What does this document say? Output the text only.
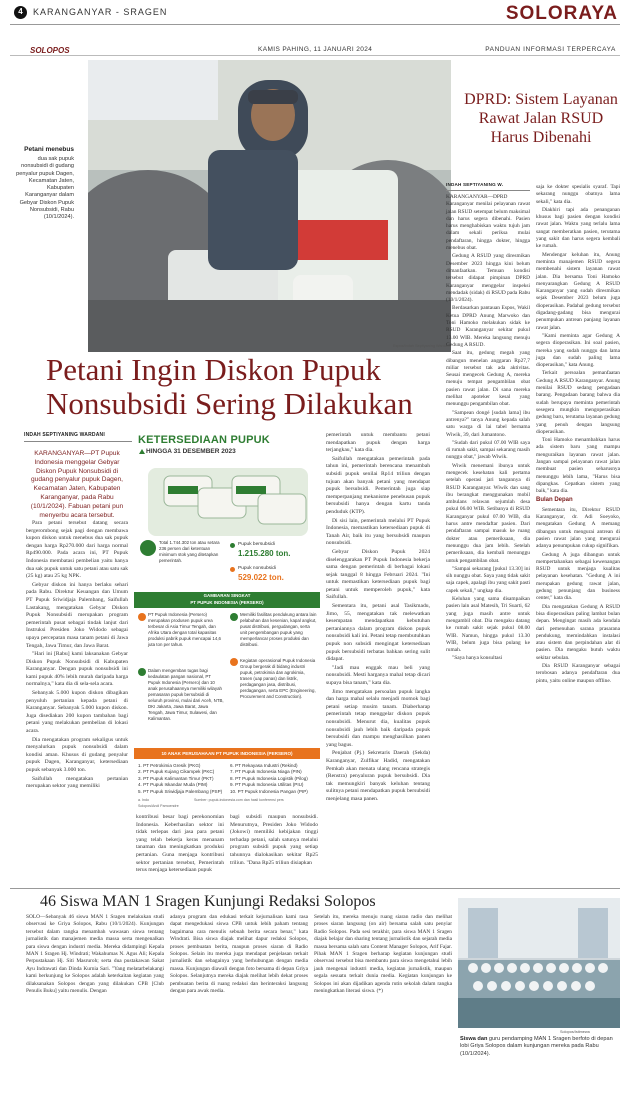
4	KARANGANYAR - SRAGEN	SOLORAYA
SOLOPOS	KAMIS PAHING, 11 JANUARI 2024	PANDUAN INFORMASI TERPERCAYA
Petani menebus
dua sak pupuk nonsubsidi di gudang penyalur pupuk Dagen, Kecamatan Jaten, Kabupaten Karanganyar dalam Gebyar Diskon Pupuk Nonsubsidi, Rabu (10/1/2024).
Espos/Indah Septiyaning Wardani
Petani Ingin Diskon Pupuk
Nonsubsidi Sering Dilakukan
INDAH SEPTIYANING WARDANI
KARANGANYAR—PT Pupuk Indonesia menggelar Gebyar Diskon Pupuk Nonsubsidi di gudang penyalur pupuk Dagen, Kecamatan Jaten, Kabupaten Karanganyar, pada Rabu (10/1/2024). Fabuan petani pun menyerbu acara tersebut.

Para petani tersebut datang secara bergerombong sejak pagi dengan membawa kupon diskon untuk menebus dua sak pupuk dengan harga Rp270.000 dari harga normal Rp490.000. Pada acara ini, PT Pupuk Indonesia membatasi pembelian yaitu hanya dua sak pupuk untuk satu petani atau satu sak (25 kg) atau 25 kg NPK.

Gebyar diskon ini hanya berlaku sehari pada Rabu. Direktur Keuangan dan Umum PT Pupuk Sriwidjaja Palembang, Saifullah Lastakang, mengatakan Gebyar Diskon Pupuk Nonsubsidi merupakan program pemerintah pusat sebagai tindak lanjut dari Instruksi Presiden Joko Widodo sebagai upaya percepatan masa tanam petani di Jawa Tengah, Jawa Timur, dan Jawa Barat.

"Hari ini [Rabu] kami laksanakan Gebyar Diskon Pupuk Nonsubsidi di Kabupaten Karanganyar. Dengan pupuk nonsubsidi ini kami pupuk 40% lebih murah daripada harga normalnya," kata dia di sela-sela acara.

Sebanyak 5.000 kupon diskon dibagikan penyuluh pertanian kepada petani di Karanganyar. Sebanyak 5.000 kupon diskon. Juga disediakan 200 kupon tambahan bagi petani yang melakukan pembelian di lokasi acara.

Dia mengatakan program sekaligus untuk menyalurkan pupuk nonsubsidi dalam kondisi aman. Khusus di gudang penyalur pupuk Dagen, Karanganyar, ketersediaan pupuk sebanyak 3.000 ton.

Saifullah mengatakan pertanian merupakan sektor yang memiliki

KETERSEDIAAN PUPUK
HINGGA 31 DESEMBER 2023
Total 1.744.302 ton atau setara 236 persen dari ketentuan minimum stok yang ditetapkan pemerintah.
Pupuk bersubsidi
1.215.280 ton.
Pupuk nonsubsidi
529.022 ton.
GAMBARAN SINGKAT
PT PUPUK INDONESIA (PERSERO)
PT Pupuk Indonesia (Persero) merupakan produsen pupuk urea terbesar di Asia Timur Tengah, dan Afrika Utara dengan total kapasitas produksi pabrik pupuk mencapai 14,6 juta ton per tahun.
Memiliki fasilitas pendukung antara lain pelabuhan dan kesenian, kapal angkut, pusat distribusi, pergudangan, serta unit pengembangan pupuk yang memperlancar proses produksi dan distribusi.
Dalam mengemban tugas bagi kedaulatan pangan nasional, PT Pupuk Indonesia (Persero) dan 10 anak perusahaannya memiliki wilayah pemasaran pupuk bersubsidi di seluruh provinsi, mulai dari Aceh, NTB, DKI Jakarta, Jawa Barat, Jawa Tengah, Jawa Timur, Sulawesi, dan Kalimantan.
Kegiatan operasional Pupuk Indonesia Group bergerak di bidang industri pupuk, petrokimia dan agrokimia, trasen (uap panas) dan listrik, perdagangan jasa, distribusi, perdagangan, serta EPC (Engineering, Procurement and Construction).
10 ANAK PERUSAHAAN PT PUPUK INDONESIA (PERSERO)
1. PT Petrokimia Gresik (PKG)
2. PT Pupuk Kujang Cikampek (PKC)
3. PT Pupuk Kalimantan Timur (PKT)
4. PT Pupuk Iskandar Muda (PIM)
5. PT Pupuk Sriwidjaja Palembang (PSP)
6. PT Rekayasa Industri (Rekind)
7. PT Pupuk Indonesia Niaga (PIN)
8. PT Pupuk Indonesia Logistik (Pilog)
9. PT Pupuk Indonesia Utilitas (PIU)
10. PT Pupuk Indonesia Pangan (PIP)
a. Indo	Sumber: pupuk-indonesia.com dan hasil konferensi pers
Solopos/Andi Pamoendre

kontribusi besar bagi perekonomian Indonesia. Keberhasilan sektor ini tidak terlepas dari jasa para petani yang telah bekerja keras menanam tanaman dan meningkatkan produksi pertanian. Guna menjaga kontribusi sektor pertanian tersebut, Pemerintah terus menjaga ketersediaan pupuk

bagi subsidi maupun nonsubsidi. Menurutnya, Presiden Joko Widodo (Jokowi) memiliki kebijakan tinggi terhadap petani, salah satunya melalui program subsidi pupuk yang setiap tahunnya dialokasikan sekitar Rp25 triliun. "Dana Rp25 triliun disiapkan

pemerintah untuk membantu petani mendapatkan pupuk dengan harga terjangkau," kata dia.

Saifullah mengatakan pemerintah pada tahun ini, pemerintah berencana menambah subsidi pupuk senilai Rp14 triliun dengan tujuan akan banyak petani yang mendapat pupuk bersubsidi. Pemerintah juga siap memperpanjang mekanisme penebusan pupuk bersubsidi hanya dengan kartu tanda penduduk (KTP).

Di sisi lain, pemerintah melalui PT Pupuk Indonesia, memastikan ketersediaan pupuk di Tanah Air, baik itu yang bersubsidi maupun nonsubsidi.

Gebyar Diskon Pupuk 2024 diselenggarakan PT Pupuk Indonesia bekerja sama dengan pemerintah di berbagai lokasi sejak tanggal 8 hingga Februari 2024. "Ini untuk memastikan ketersediaan pupuk bagi petani untuk memperoleh pupuk," kata Saifullah.

Sementara itu, petani asal Tasikmadu, Jimo, 55, mengatakan tak melewatkan kesempatan mendapatkan kebutuhan pertaniannya dalam program diskon pupuk nonsubsidi kali ini. Petani tetap membutuhkan pupuk non subsidi mengingat ketersediaan pupuk bersubsidi terbatas bahkan sering sulit didapat.

"Jadi mau enggak mau beli yang nonsubsidi. Mesti harganya mahal tetap dicari supaya bisa tanam," kata dia.

Jimo mengatakan persoalan pupuk langka dan harga mahal selalu menjadi momok bagi petani setiap musim tanam. Diaberharap pemerintah tetap menggelar diskon pupuk nonsubsidi. Menurut dia, kualitas pupuk nonsubsidi jauh lebih baik daripada pupuk bersubsidi dan mampu menghasilkan panen yang bagus.

Penjabat (Pj.) Sekretaris Daerah (Sekda) Karanganyar, Zulfikar Hadid, mengatakan Pemkab akan menata ulang rencana strategis (Renstra) penyaluran pupuk bersubsidi. Dia tak memungkiri banyak keluhan tentang sulitnya petani mendapatkan pupuk bersubsidi menjelang masa panen.

DPRD: Sistem Layanan Rawat Jalan RSUD Harus Dibenahi
INDAH SEPTIYANING W.

KARANGANYAR—DPRD Karanganyar menilai pelayanan rawat jalan RSUD setempat belum maksimal dan harus segera dibenahi. Pasien harus menghabiskan waktu tujuh jam dalam sekali periksa mulai pendaftaran, hingga dokter, hingga menebus obat.

Gedung A RSUD yang diresmikan Desember 2023 hingga kini belum dimanfaatkan. Temuan kondisi tersebut didapat pimpinan DPRD Karanganyar menggelar inspeksi mendadak (sidak) di RSUD pada Rabu (10/1/2024).

Berdasarkan pantauan Espos, Wakil Ketua DPRD Anung Marwoko dan Toni Hamoko melakukan sidak ke RSUD Karanganyar sekitar pukul 13.00 WIB. Mereka langsung menuju Gedung A RSUD.

Saat itu, gedung megah yang dibangun menelan anggaran Rp27,7 miliar tersebut tak ada aktivitas. Seusai mengecek Gedung A, mereka menuju tempat pengambilan obat pasien rawat jalan. Di sana mereka melihat apoteker kesal yang menunggu pengambilan obat.

"Sampean dongé [sudah lama] ibu antrenya?" tanya Anung kepada salah satu warga di lai tabel bernama Wiwik, 39, dari Jumantono.

"Sudah dari pukul 07.00 WIB saya di rumah sakit, sampai sekarang masih nunggu obat," jawab Wiwik.

Wiwik menemani ibunya untuk mengecek kesehatan kali pertama setelah operasi jari tangannya di RSUD Karanganyar. Wiwik dan sang ibu berangkat menggunakan mobil ambulans relawan sejumlah desa pukul 06.00 WIB. Setibanya di RSUD Karanganyar pukul 07.00 WIB, dia harus antre mendaftar pasien. Dari pendaftaran sampai masuk ke ruang dokter atau pemeriksaan, dia menunggu dua jam lebih. Setelah pemeriksaan, dia kembali menunggu untuk pengambilan obat.

"Sampai sekarang [pukul 13.30] ini sih nunggu obat. Saya yang tidak sakit saja capek, apalagi ibu yang sakit pasti capek sekali," ungkap dia.

Keluhan yang sama disampaikan pasien lain asal Matesih, Tri Suarti, 62 yang juga masih antre untuk mengambil obat. Dia mengaku datang ke rumah sakit sejak pukul 08.00 WIB. Namun, hingga pukul 13.30 WIB, belum juga bisa pulang ke rumah.

"Saya hanya konsultasi

saja ke dokter spesialis syaraf. Tapi sekarang nunggu obatnya lama sekali," kata dia.

Diakhiri tapi ada penanganan khusus bagi pasien dengan kondisi rawat jalan. Waktu yang terlalu lama sangat memberatkan pasien, terutama yang sakit dan harus segera kembali ke rumah.

Mendengar keluhan itu, Anung meminta manajemen RSUD segera membenahi sistem layanan rawat jalan. Dia bersama Toni Hamoko menyarangkan Gedung A RSUD Karanganyar yang sudah diresmikan sejak Desember 2023 belum juga dioperasikan. Padahal gedung tersebut digadang-gadang bisa mengurai penumpukan antrean panjang layanan rawat jalan.

"Kami meminta agar Gedung A segera dioperasikan. Ini soal pasien, mereka yang sudah nunggu dan lama juga dan sudah paling lama dioperasikan," kata Anung.

Terkait persoalan pemanfaatan Gedung A RSUD Karanganyar. Anung menilai RSUD sedang pengadaan barang. Pengadaan barang bahwa dia sudah berupaya meminta pemerintah sesegera mungkin mengoperasikan gedung baru, terutama layanan gedung yang penuh dengan langsung dioperasikan.

Toni Hamoko menambahkan harus ada sistem baru yang mampu menguraikan layanan rawat jalan. Jangan sampai pelayanan rawat jalan membuat pasien seharusnya menunggu lebih lama, "Harus bisa dipangkas. Cepatkan sistem yang baik," kata dia.

Bulan Depan

Sementara itu, Direktur RSUD Karanganyar, dr. Adi Soeyoko, mengatakan Gedung A memang dibangun untuk mengurai antrean di pasien rawat jalan yang mengurai adanya penumpukan cukup signifikan.

Gedung A juga dibangun untuk mempertahankan sebagai kewenangan RSUD untuk menjaga kualitas pelayanan kesehatan. "Gedung A ini merupakan gedung rawat jalan, gedung penunjang dan business center," kata dia.

Dia mengatakan Gedung A RSUD bisa dioperasikan paling lambat bulan depan. Mengingat masih ada kendala dari pemenuhan sarana prasarana pendukung, memindahkan instalasi atau sistem dan perpindahan alat di pasien. Dia mengaku butuh waktu sekitar sebulan.

Dia RSUD Karanganyar sebagai terobosan adanya pendaftaran dua pintu, yaitu online maupun offline.

46 Siswa MAN 1 Sragen Kunjungi Redaksi Solopos

SOLO—Sebanyak 46 siswa MAN 1 Sragen melakukan studi observasi ke Griya Solopos, Rabu (10/1/2024). Kunjungan tersebut dalam rangka menambah wawasan siswa tentang jurnalistik dan manajemen media massa serta mengenalkan para siswa dengan industri media. Mereka didampingi Kepala MAN 1 Sragen Hj. Windrati; Wakahumas N. Agus Ali; Kepala Perpustakaan Hj. Siti Masruroh; serta dua pustakawan Sakat Ayu Indrawati dan Dinda Kurnia Sari. "Yang melatarbelakangi kami berkunjung ke Solopos adalah keterkaitan kegiatan yang dilaksanakan Solopos dengan yang dilakukan CPB [Club Penulis Buku] yaitu menulis. Dengan

adanya program dan edukasi terkait kejurnalisan kami rasa dapat mengedukasi siswa CPB untuk lebih paham tentang bagaimana cara menulis sebuah berita secara benar," kata Windrati. Bisa siswa diajak melihat dapur redaksi Solopos, proses pembuatan berita, maupun proses siaran di Radio Solopos. Selain itu mereka juga mendapat penjelasan terkait jurnalistik dan sebagainya yang berhubungan dengan media massa. Kunjungan diawali dengan foto bersama di depan Griya Solopos. Selanjutnya mereka diajak melihat lebih dekat proses pembuatan berita di ruang redaksi dan berinteraksi langsung dengan para awak media.

Setelah itu, mereka menuju ruang siaran radio dan melihat proses siaran langsung (on air) bersama salah satu penyiar Radio Solopos. Pada sesi terakhir, para siswa MAN 1 Sragen diajak belajar dan sharing tentang jurnalistik dan sejarah media massa bersama salah satu Content Manager Solopos, Arif Fajar. Pihak MAN 1 Sragen berharap kegiatan kunjungan studi observasi tersebut bisa membantu para siswa mengetahui lebih jauh mengenai industri media, kegiatan jurnalistik, maupun segala sesuatu terkait dunia media. Kegiatan kunjungan ke Solopos ini akan dijadikan agenda rutin sekolah dalam rangka meningkatkan literasi siswa. (*)

Solopos/Istimewa
Siswa dan guru pendamping MAN 1 Sragen berfoto di depan lobi Griya Solopos dalam kunjungan mereka pada Rabu (10/1/2024).
